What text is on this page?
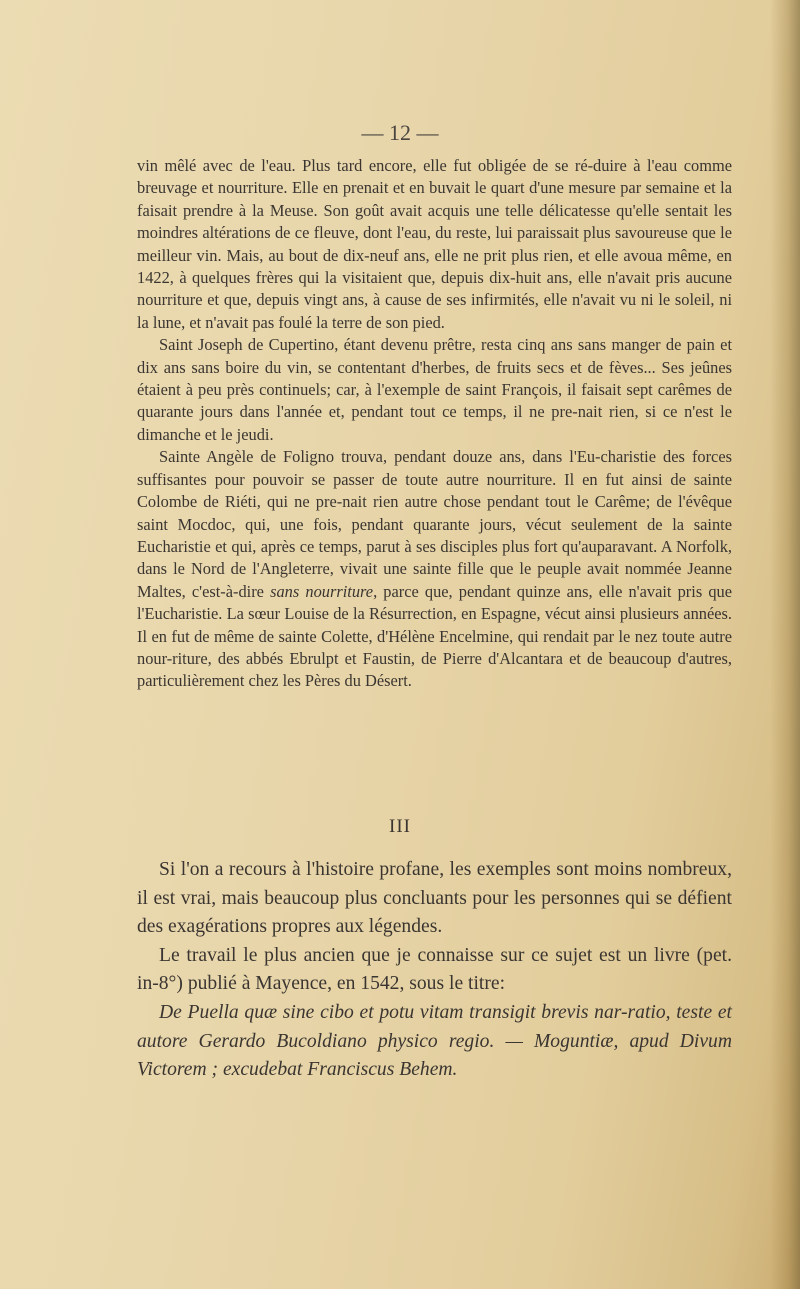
— 12 —

vin mêlé avec de l'eau. Plus tard encore, elle fut obligée de se ré-duire à l'eau comme breuvage et nourriture. Elle en prenait et en buvait le quart d'une mesure par semaine et la faisait prendre à la Meuse. Son goût avait acquis une telle délicatesse qu'elle sentait les moindres altérations de ce fleuve, dont l'eau, du reste, lui paraissait plus savoureuse que le meilleur vin. Mais, au bout de dix-neuf ans, elle ne prit plus rien, et elle avoua même, en 1422, à quelques frères qui la visitaient que, depuis dix-huit ans, elle n'avait pris aucune nourriture et que, depuis vingt ans, à cause de ses infirmités, elle n'avait vu ni le soleil, ni la lune, et n'avait pas foulé la terre de son pied.

Saint Joseph de Cupertino, étant devenu prêtre, resta cinq ans sans manger de pain et dix ans sans boire du vin, se contentant d'herbes, de fruits secs et de fèves... Ses jeûnes étaient à peu près continuels; car, à l'exemple de saint François, il faisait sept carêmes de quarante jours dans l'année et, pendant tout ce temps, il ne pre-nait rien, si ce n'est le dimanche et le jeudi.

Sainte Angèle de Foligno trouva, pendant douze ans, dans l'Eu-charistie des forces suffisantes pour pouvoir se passer de toute autre nourriture. Il en fut ainsi de sainte Colombe de Riéti, qui ne pre-nait rien autre chose pendant tout le Carême; de l'évêque saint Mocdoc, qui, une fois, pendant quarante jours, vécut seulement de la sainte Eucharistie et qui, après ce temps, parut à ses disciples plus fort qu'auparavant. A Norfolk, dans le Nord de l'Angleterre, vivait une sainte fille que le peuple avait nommée Jeanne Maltes, c'est-à-dire sans nourriture, parce que, pendant quinze ans, elle n'avait pris que l'Eucharistie. La sœur Louise de la Résurrection, en Espagne, vécut ainsi plusieurs années. Il en fut de même de sainte Colette, d'Hélène Encelmine, qui rendait par le nez toute autre nour-riture, des abbés Ebrulpt et Faustin, de Pierre d'Alcantara et de beaucoup d'autres, particulièrement chez les Pères du Désert.

III

Si l'on a recours à l'histoire profane, les exemples sont moins nombreux, il est vrai, mais beaucoup plus concluants pour les personnes qui se défient des exagérations propres aux légendes.

Le travail le plus ancien que je connaisse sur ce sujet est un livre (pet. in-8°) publié à Mayence, en 1542, sous le titre:

De Puella quæ sine cibo et potu vitam transigit brevis nar-ratio, teste et autore Gerardo Bucoldiano physico regio. — Moguntiæ, apud Divum Victorem ; excudebat Franciscus Behem.
